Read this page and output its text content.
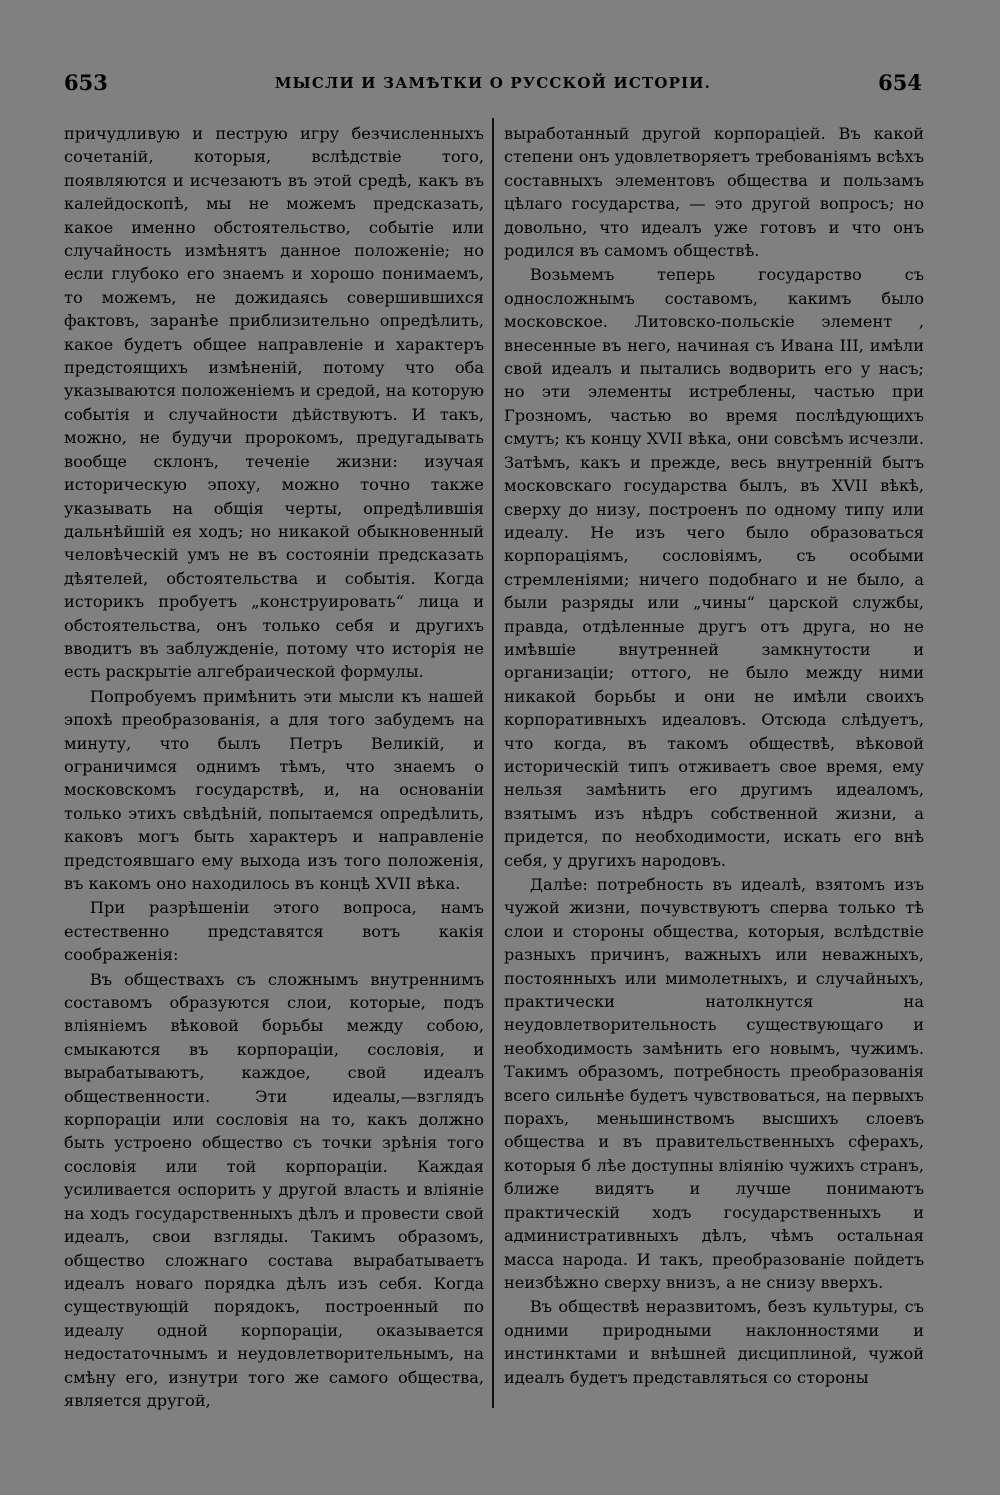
653	МЫСЛИ И ЗАМѢТКИ О РУССКОЙ ИСТОРІИ.	654

причудливую и пеструю игру безчисленныхъ сочетаній, которыя, вслѣдствіе того, появляются и исчезаютъ въ этой средѣ, какъ въ калейдоскопѣ, мы не можемъ предсказать, какое именно обстоятельство, событіе или случайность измѣнятъ данное положеніе; но если глубоко его знаемъ и хорошо понимаемъ, то можемъ, не дожидаясь совершившихся фактовъ, заранѣе приблизительно опредѣлить, какое будетъ общее направленіе и характеръ предстоящихъ измѣненій, потому что оба указываются положеніемъ и средой, на которую событія и случайности дѣйствуютъ. И такъ, можно, не будучи пророкомъ, предугадывать вообще склонъ, теченіе жизни: изучая историческую эпоху, можно точно также указывать на общія черты, опредѣлившія дальнѣйшій ея ходъ; но никакой обыкновенный человѣческій умъ не въ состояніи предсказать дѣятелей, обстоятельства и событія. Когда историкъ пробуетъ „конструировать“ лица и обстоятельства, онъ только себя и другихъ вводитъ въ заблужденіе, потому что исторія не есть раскрытіе алгебраической формулы.

Попробуемъ примѣнить эти мысли къ нашей эпохѣ преобразованія, а для того забудемъ на минуту, что былъ Петръ Великій, и ограничимся однимъ тѣмъ, что знаемъ о московскомъ государствѣ, и, на основаніи только этихъ свѣдѣній, попытаемся опредѣлить, каковъ могъ быть характеръ и направленіе предстоявшаго ему выхода изъ того положенія, въ какомъ оно находилось въ концѣ XVII вѣка.

При разрѣшеніи этого вопроса, намъ естественно представятся вотъ какія соображенія:

Въ обществахъ съ сложнымъ внутреннимъ составомъ образуются слои, которые, подъ вліяніемъ вѣковой борьбы между собою, смыкаются въ корпораціи, сословія, и вырабатываютъ, каждое, свой идеалъ общественности. Эти идеалы,—взглядъ корпораціи или сословія на то, какъ должно быть устроено общество съ точки зрѣнія того сословія или той корпораціи. Каждая усиливается оспорить у другой власть и вліяніе на ходъ государственныхъ дѣлъ и провести свой идеалъ, свои взгляды. Такимъ образомъ, общество сложнаго состава вырабатываетъ идеалъ новаго порядка дѣлъ изъ себя. Когда существующій порядокъ, построенный по идеалу одной корпораціи, оказывается недостаточнымъ и неудовлетворительнымъ, на смѣну его, изнутри того же самого общества, является другой,

выработанный другой корпораціей. Въ какой степени онъ удовлетворяетъ требованіямъ всѣхъ составныхъ элементовъ общества и пользамъ цѣлаго государства, — это другой вопросъ; но довольно, что идеалъ уже готовъ и что онъ родился въ самомъ обществѣ.

Возьмемъ теперь государство съ односложнымъ составомъ, какимъ было московское. Литовско-польскіе элемент , внесенные въ него, начиная съ Ивана III, имѣли свой идеалъ и пытались водворить его у насъ; но эти элементы истреблены, частью при Грозномъ, частью во время послѣдующихъ смутъ; къ концу XVII вѣка, они совсѣмъ исчезли. Затѣмъ, какъ и прежде, весь внутренній бытъ московскаго государства былъ, въ XVII вѣкѣ, сверху до низу, построенъ по одному типу или идеалу. Не изъ чего было образоваться корпораціямъ, сословіямъ, съ особыми стремленіями; ничего подобнаго и не было, а были разряды или „чины“ царской службы, правда, отдѣленные другъ отъ друга, но не имѣвшіе внутренней замкнутости и организаціи; оттого, не было между ними никакой борьбы и они не имѣли своихъ корпоративныхъ идеаловъ. Отсюда слѣдуетъ, что когда, въ такомъ обществѣ, вѣковой историческій типъ отживаетъ свое время, ему нельзя замѣнить его другимъ идеаломъ, взятымъ изъ нѣдръ собственной жизни, а придется, по необходимости, искать его внѣ себя, у другихъ народовъ.

Далѣе: потребность въ идеалѣ, взятомъ изъ чужой жизни, почувствуютъ сперва только тѣ слои и стороны общества, которыя, вслѣдствіе разныхъ причинъ, важныхъ или неважныхъ, постоянныхъ или мимолетныхъ, и случайныхъ, практически натолкнутся на неудовлетворительность существующаго и необходимость замѣнить его новымъ, чужимъ. Такимъ образомъ, потребность преобразованія всего сильнѣе будетъ чувствоваться, на первыхъ порахъ, меньшинствомъ высшихъ слоевъ общества и въ правительственныхъ сферахъ, которыя б лѣе доступны вліянію чужихъ странъ, ближе видятъ и лучше понимаютъ практическій ходъ государственныхъ и административныхъ дѣлъ, чѣмъ остальная масса народа. И такъ, преобразованіе пойдетъ неизбѣжно сверху внизъ, а не снизу вверхъ.

Въ обществѣ неразвитомъ, безъ культуры, съ одними природными наклонностями и инстинктами и внѣшней дисциплиной, чужой идеалъ будетъ представляться со стороны
